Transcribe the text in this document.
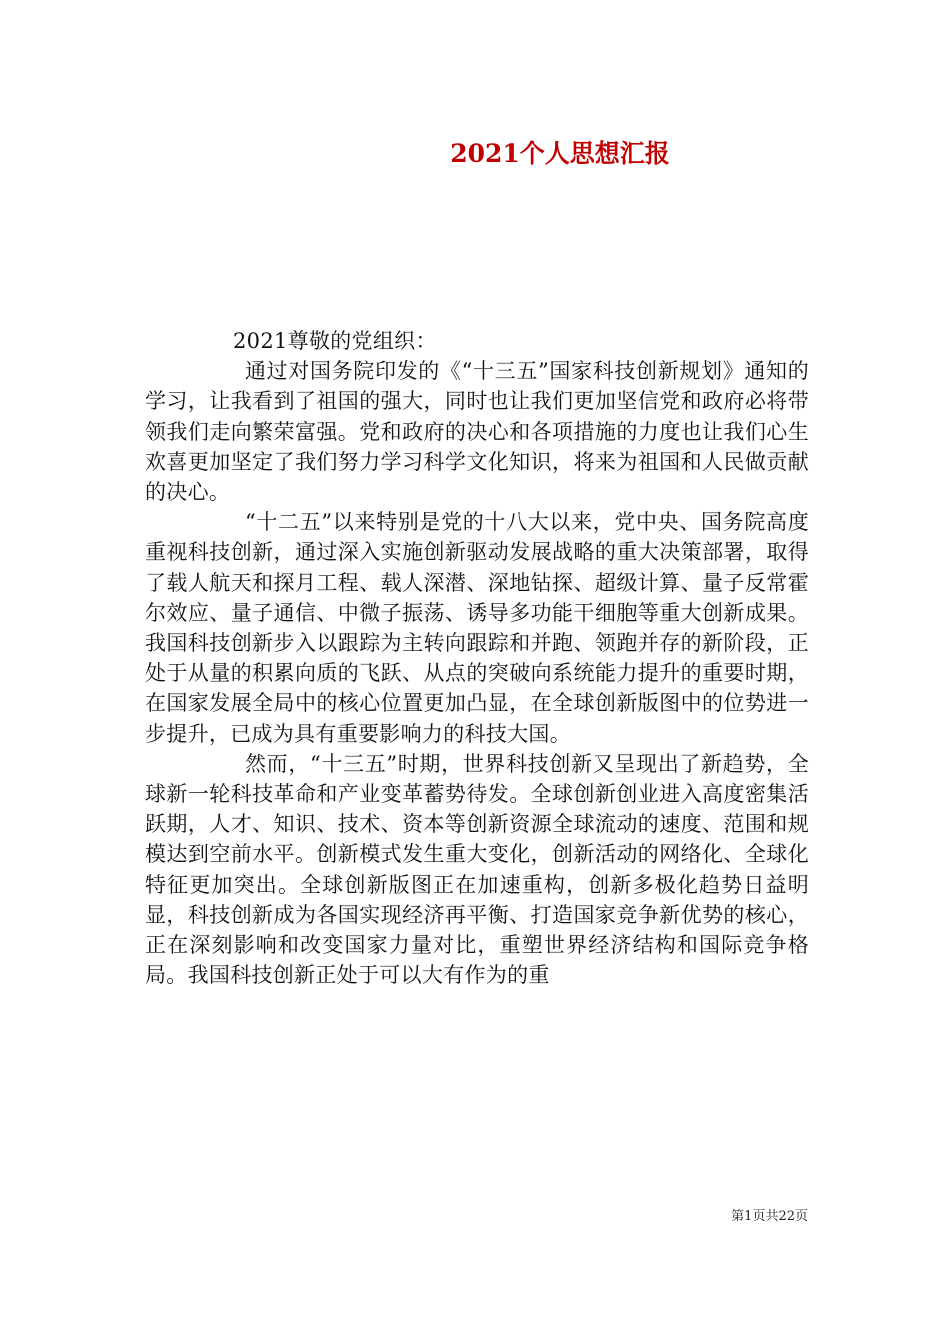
2021个人思想汇报

2021尊敬的党组织：

通过对国务院印发的《“十三五”国家科技创新规划》通知的学习，让我看到了祖国的强大，同时也让我们更加坚信党和政府必将带领我们走向繁荣富强。党和政府的决心和各项措施的力度也让我们心生欢喜更加坚定了我们努力学习科学文化知识，将来为祖国和人民做贡献的决心。

“十二五”以来特别是党的十八大以来，党中央、国务院高度重视科技创新，通过深入实施创新驱动发展战略的重大决策部署，取得了载人航天和探月工程、载人深潜、深地钻探、超级计算、量子反常霍尔效应、量子通信、中微子振荡、诱导多功能干细胞等重大创新成果。我国科技创新步入以跟踪为主转向跟踪和并跑、领跑并存的新阶段，正处于从量的积累向质的飞跃、从点的突破向系统能力提升的重要时期，在国家发展全局中的核心位置更加凸显，在全球创新版图中的位势进一步提升，已成为具有重要影响力的科技大国。

然而，“十三五”时期，世界科技创新又呈现出了新趋势，全球新一轮科技革命和产业变革蓄势待发。全球创新创业进入高度密集活跃期，人才、知识、技术、资本等创新资源全球流动的速度、范围和规模达到空前水平。创新模式发生重大变化，创新活动的网络化、全球化特征更加突出。全球创新版图正在加速重构，创新多极化趋势日益明显，科技创新成为各国实现经济再平衡、打造国家竞争新优势的核心，正在深刻影响和改变国家力量对比，重塑世界经济结构和国际竞争格局。我国科技创新正处于可以大有作为的重

第1页共22页
